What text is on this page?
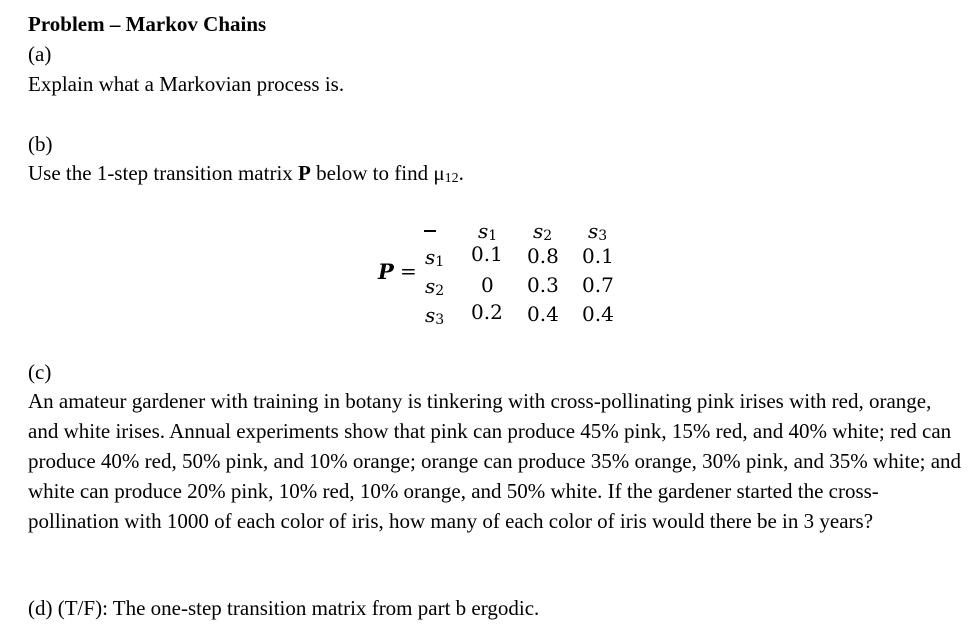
Problem – Markov Chains

(a)

Explain what a Markovian process is.

(b)

Use the 1-step transition matrix P below to find $\mu_{12}$.

P =
$s_1$ $s_2$ $s_3$
$s_1$
$s_2$
$s_3$
0.1 0.8 0.1
0 0.3 0.7
0.2 0.4 0.4

(c)

An amateur gardener with training in botany is tinkering with cross-pollinating pink irises with red, orange, and white irises. Annual experiments show that pink can produce 45% pink, 15% red, and 40% white; red can produce 40% red, 50% pink, and 10% orange; orange can produce 35% orange, 30% pink, and 35% white; and white can produce 20% pink, 10% red, 10% orange, and 50% white. If the gardener started the cross-pollination with 1000 of each color of iris, how many of each color of iris would there be in 3 years?

(d) (T/F): The one-step transition matrix from part b ergodic.
